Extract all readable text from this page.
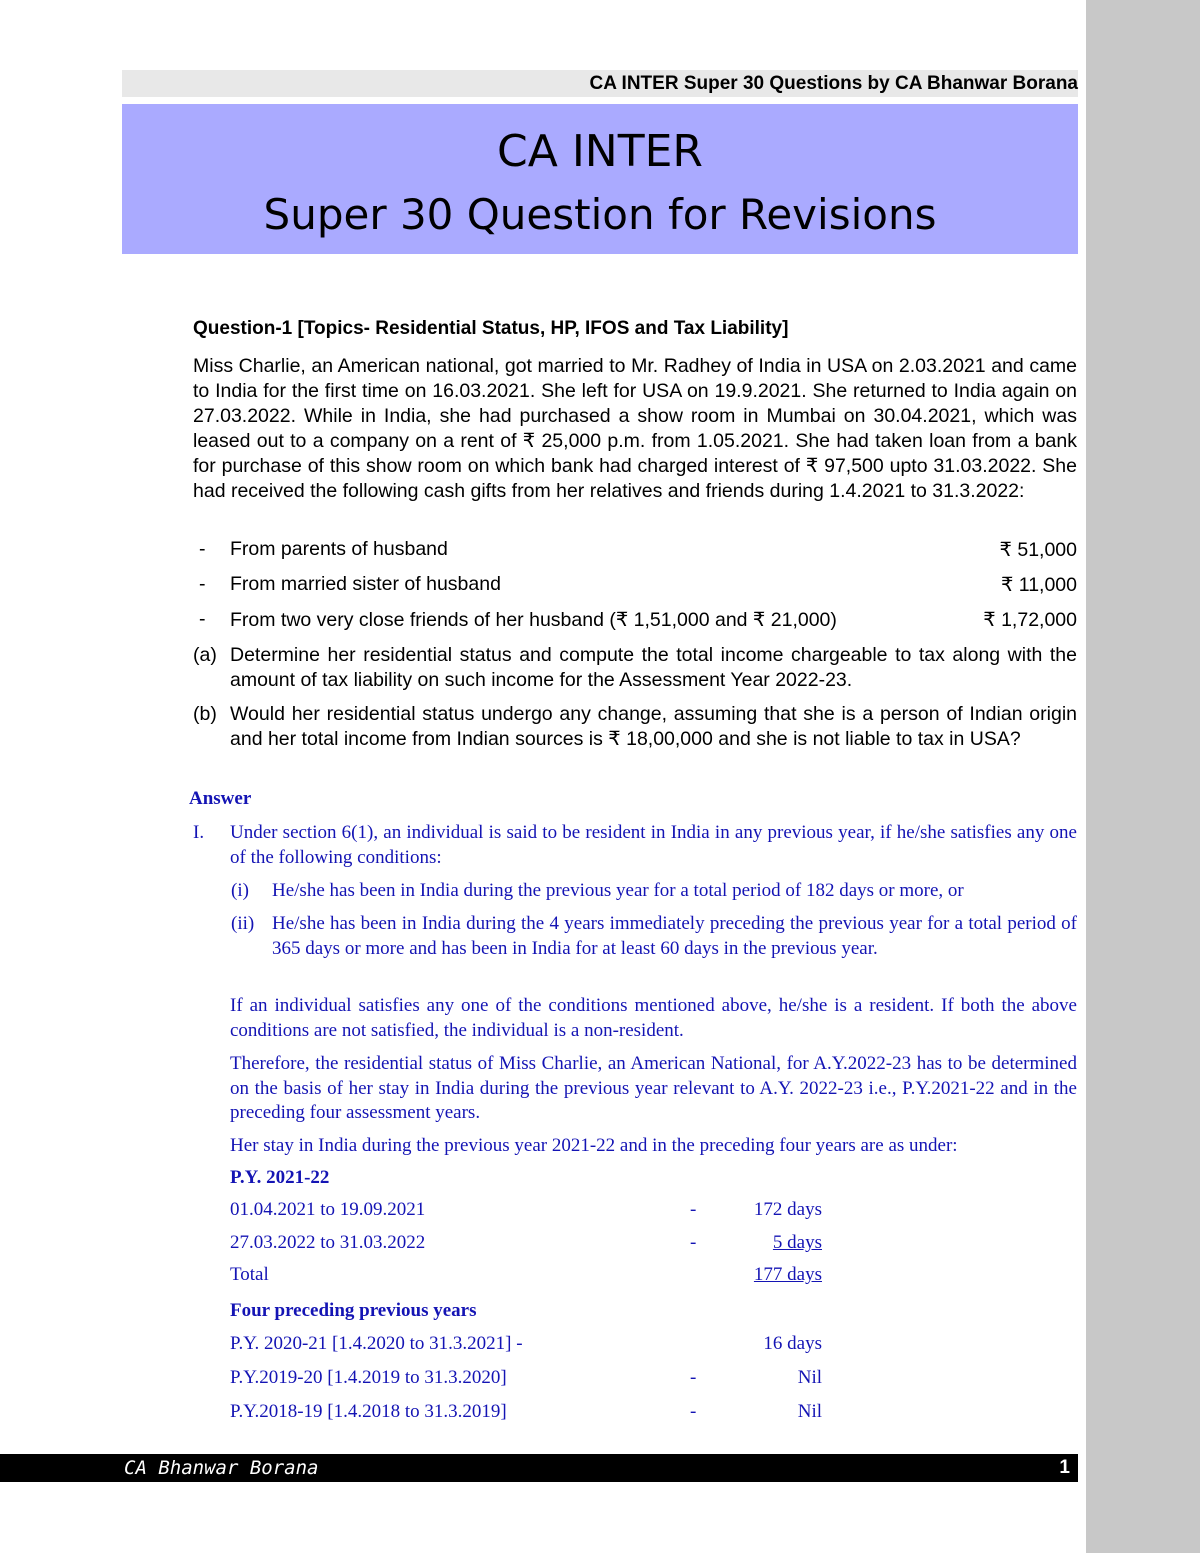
CA INTER Super 30 Questions by CA Bhanwar Borana
CA INTER
Super 30 Question for Revisions
Question-1 [Topics- Residential Status, HP, IFOS and Tax Liability]
Miss Charlie, an American national, got married to Mr. Radhey of India in USA on 2.03.2021 and came to India for the first time on 16.03.2021. She left for USA on 19.9.2021. She returned to India again on 27.03.2022. While in India, she had purchased a show room in Mumbai on 30.04.2021, which was leased out to a company on a rent of ₹ 25,000 p.m. from 1.05.2021. She had taken loan from a bank for purchase of this show room on which bank had charged interest of ₹ 97,500 upto 31.03.2022. She had received the following cash gifts from her relatives and friends during 1.4.2021 to 31.3.2022:
- From parents of husband	₹ 51,000
- From married sister of husband	₹ 11,000
- From two very close friends of her husband (₹ 1,51,000 and ₹ 21,000)	₹ 1,72,000
(a) Determine her residential status and compute the total income chargeable to tax along with the amount of tax liability on such income for the Assessment Year 2022-23.
(b) Would her residential status undergo any change, assuming that she is a person of Indian origin and her total income from Indian sources is ₹ 18,00,000 and she is not liable to tax in USA?
Answer
I. Under section 6(1), an individual is said to be resident in India in any previous year, if he/she satisfies any one of the following conditions:
(i) He/she has been in India during the previous year for a total period of 182 days or more, or
(ii) He/she has been in India during the 4 years immediately preceding the previous year for a total period of 365 days or more and has been in India for at least 60 days in the previous year.
If an individual satisfies any one of the conditions mentioned above, he/she is a resident. If both the above conditions are not satisfied, the individual is a non-resident.
Therefore, the residential status of Miss Charlie, an American National, for A.Y.2022-23 has to be determined on the basis of her stay in India during the previous year relevant to A.Y. 2022-23 i.e., P.Y.2021-22 and in the preceding four assessment years.
Her stay in India during the previous year 2021-22 and in the preceding four years are as under:
P.Y. 2021-22
01.04.2021 to 19.09.2021	-	172 days
27.03.2022 to 31.03.2022	-	5 days
Total	177 days
Four preceding previous years
P.Y. 2020-21 [1.4.2020 to 31.3.2021] -	16 days
P.Y.2019-20 [1.4.2019 to 31.3.2020]	-	Nil
P.Y.2018-19 [1.4.2018 to 31.3.2019]	-	Nil
CA Bhanwar Borana	1
